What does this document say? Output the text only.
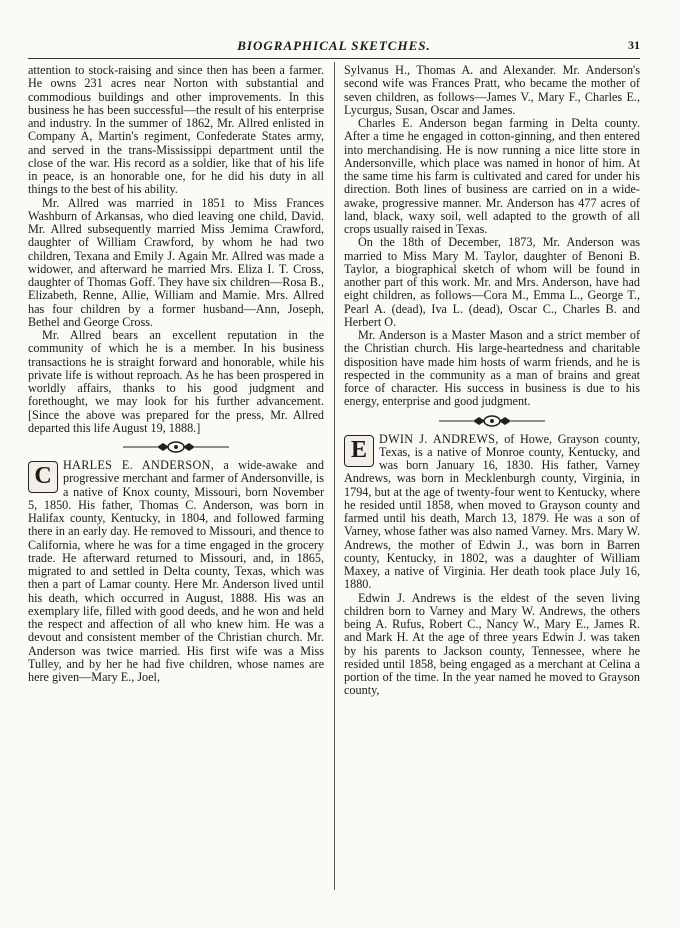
BIOGRAPHICAL SKETCHES.	31

attention to stock-raising and since then has been a farmer. He owns 231 acres near Norton with substantial and commodious buildings and other improvements. In this business he has been successful—the result of his enterprise and industry. In the summer of 1862, Mr. Allred enlisted in Company A, Martin's regiment, Confederate States army, and served in the trans-Mississippi department until the close of the war. His record as a soldier, like that of his life in peace, is an honorable one, for he did his duty in all things to the best of his ability.

Mr. Allred was married in 1851 to Miss Frances Washburn of Arkansas, who died leaving one child, David. Mr. Allred subsequently married Miss Jemima Crawford, daughter of William Crawford, by whom he had two children, Texana and Emily J. Again Mr. Allred was made a widower, and afterward he married Mrs. Eliza I. T. Cross, daughter of Thomas Goff. They have six children—Rosa B., Elizabeth, Renne, Allie, William and Mamie. Mrs. Allred has four children by a former husband—Ann, Joseph, Bethel and George Cross.

Mr. Allred bears an excellent reputation in the community of which he is a member. In his business transactions he is straight forward and honorable, while his private life is without reproach. As he has been prospered in worldly affairs, thanks to his good judgment and forethought, we may look for his further advancement. [Since the above was prepared for the press, Mr. Allred departed this life August 19, 1888.]

C HARLES E. ANDERSON, a wide-awake and progressive merchant and farmer of Andersonville, is a native of Knox county, Missouri, born November 5, 1850. His father, Thomas C. Anderson, was born in Halifax county, Kentucky, in 1804, and followed farming there in an early day. He removed to Missouri, and thence to California, where he was for a time engaged in the grocery trade. He afterward returned to Missouri, and, in 1865, migrated to and settled in Delta county, Texas, which was then a part of Lamar county. Here Mr. Anderson lived until his death, which occurred in August, 1888. His was an exemplary life, filled with good deeds, and he won and held the respect and affection of all who knew him. He was a devout and consistent member of the Christian church. Mr. Anderson was twice married. His first wife was a Miss Tulley, and by her he had five children, whose names are here given—Mary E., Joel,

Sylvanus H., Thomas A. and Alexander. Mr. Anderson's second wife was Frances Pratt, who became the mother of seven children, as follows—James V., Mary F., Charles E., Lycurgus, Susan, Oscar and James.

Charles E. Anderson began farming in Delta county. After a time he engaged in cotton-ginning, and then entered into merchandising. He is now running a nice litte store in Andersonville, which place was named in honor of him. At the same time his farm is cultivated and cared for under his direction. Both lines of business are carried on in a wide-awake, progressive manner. Mr. Anderson has 477 acres of land, black, waxy soil, well adapted to the growth of all crops usually raised in Texas.

On the 18th of December, 1873, Mr. Anderson was married to Miss Mary M. Taylor, daughter of Benoni B. Taylor, a biographical sketch of whom will be found in another part of this work. Mr. and Mrs. Anderson, have had eight children, as follows—Cora M., Emma L., George T., Pearl A. (dead), Iva L. (dead), Oscar C., Charles B. and Herbert O.

Mr. Anderson is a Master Mason and a strict member of the Christian church. His large-heartedness and charitable disposition have made him hosts of warm friends, and he is respected in the community as a man of brains and great force of character. His success in business is due to his energy, enterprise and good judgment.

E DWIN J. ANDREWS, of Howe, Grayson county, Texas, is a native of Monroe county, Kentucky, and was born January 16, 1830. His father, Varney Andrews, was born in Mecklenburgh county, Virginia, in 1794, but at the age of twenty-four went to Kentucky, where he resided until 1858, when moved to Grayson county and farmed until his death, March 13, 1879. He was a son of Varney, whose father was also named Varney. Mrs. Mary W. Andrews, the mother of Edwin J., was born in Barren county, Kentucky, in 1802, was a daughter of William Maxey, a native of Virginia. Her death took place July 16, 1880.

Edwin J. Andrews is the eldest of the seven living children born to Varney and Mary W. Andrews, the others being A. Rufus, Robert C., Nancy W., Mary E., James R. and Mark H. At the age of three years Edwin J. was taken by his parents to Jackson county, Tennessee, where he resided until 1858, being engaged as a merchant at Celina a portion of the time. In the year named he moved to Grayson county,
